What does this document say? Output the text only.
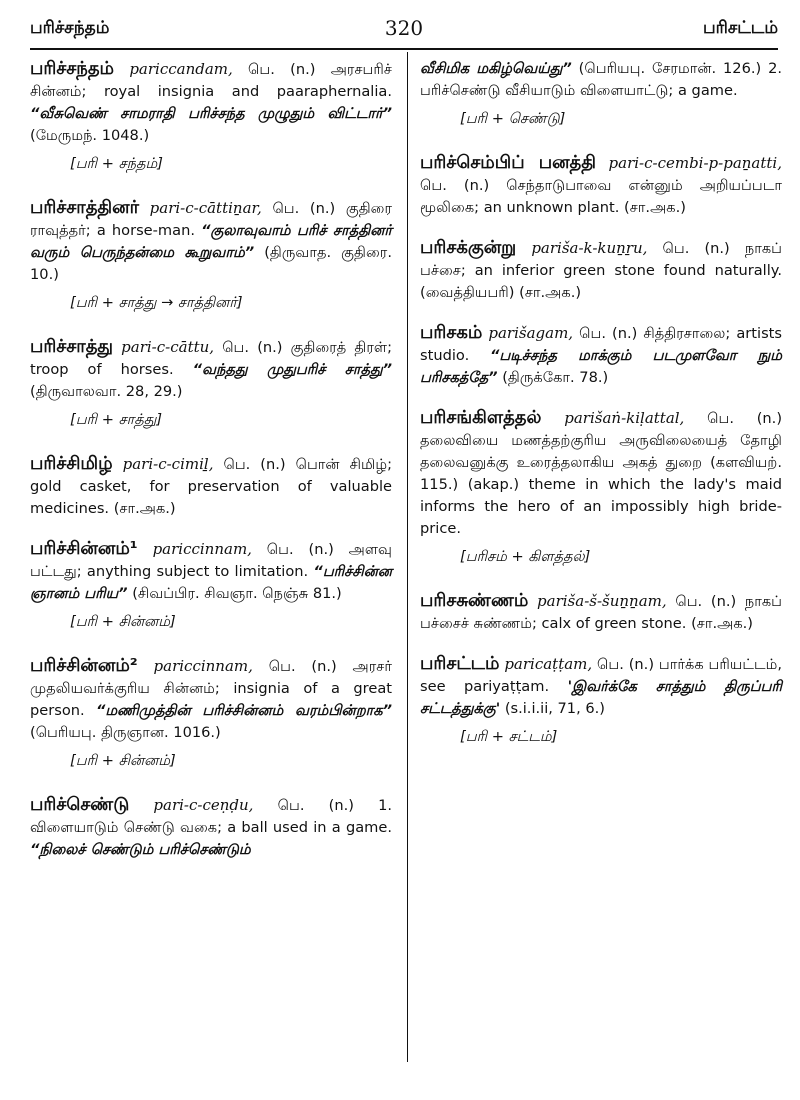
பரிச்சந்தம்	320	பரிசட்டம்
பரிச்சந்தம் pariccandam, பெ. (n.) அரசபரிச் சின்னம்; royal insignia and paaraphernalia. “வீசுவெண் சாமராதி பரிச்சந்த முழுதும் விட்டார்” (மேருமந். 1048.)
[பரி + சந்தம்]
பரிச்சாத்தினர் pari-c-cāttiṉar, பெ. (n.) குதிரை ராவுத்தர்; a horse-man. “குலாவுவாம் பரிச் சாத்தினர் வரும் பெருந்தன்மை கூறுவாம்” (திருவாத. குதிரை. 10.)
[பரி + சாத்து → சாத்தினர்]
பரிச்சாத்து pari-c-cāttu, பெ. (n.) குதிரைத் திரள்; troop of horses. “வந்தது முதுபரிச் சாத்து” (திருவாலவா. 28, 29.)
[பரி + சாத்து]
பரிச்சிமிழ் pari-c-cimiḻ, பெ. (n.) பொன் சிமிழ்; gold casket, for preservation of valuable medicines. (சா.அக.)
பரிச்சின்னம்¹ pariccinnam, பெ. (n.) அளவு பட்டது; anything subject to limitation. “பரிச்சின்ன ஞானம் பரிய” (சிவப்பிர. சிவஞா. நெஞ்சு 81.)
[பரி + சின்னம்]
பரிச்சின்னம்² pariccinnam, பெ. (n.) அரசர் முதலியவர்க்குரிய சின்னம்; insignia of a great person. “மணிமுத்தின் பரிச்சின்னம் வரம்பின்றாக” (பெரியபு. திருஞான. 1016.)
[பரி + சின்னம்]
பரிச்செண்டு pari-c-ceṇḍu, பெ. (n.) 1. விளையாடும் செண்டு வகை; a ball used in a game. “நிலைச் செண்டும் பரிச்செண்டும்
வீசிமிக மகிழ்வெய்து” (பெரியபு. சேரமான். 126.) 2. பரிச்செண்டு வீசியாடும் விளையாட்டு; a game.
[பரி + செண்டு]
பரிச்செம்பிப் பனத்தி pari-c-cembi-p-paṉatti, பெ. (n.) செந்தாடுபாவை என்னும் அறியப்படா மூலிகை; an unknown plant. (சா.அக.)
பரிசக்குன்று pariša-k-kuṉṟu, பெ. (n.) நாகப் பச்சை; an inferior green stone found naturally. (வைத்தியபரி) (சா.அக.)
பரிசகம் parišagam, பெ. (n.) சித்திரசாலை; artists studio. “படிச்சந்த மாக்கும் படமுளவோ நும் பரிசகத்தே” (திருக்கோ. 78.)
பரிசங்கிளத்தல் parišaṅ-kiḷattal, பெ. (n.) தலைவியை மணத்தற்குரிய அருவிலையைத் தோழி தலைவனுக்கு உரைத்தலாகிய அகத் துறை (களவியற். 115.) (akap.) theme in which the lady's maid informs the hero of an impossibly high bride-price.
[பரிசம் + கிளத்தல்]
பரிசசுண்ணம் pariša-š-šuṉṉam, பெ. (n.) நாகப் பச்சைச் சுண்ணம்; calx of green stone. (சா.அக.)
பரிசட்டம் paricaṭṭam, பெ. (n.) பார்க்க பரியட்டம், see pariyaṭṭam. 'இவர்க்கே சாத்தும் திருப்பரி சட்டத்துக்கு' (s.i.i.ii, 71, 6.)
[பரி + சட்டம்]
